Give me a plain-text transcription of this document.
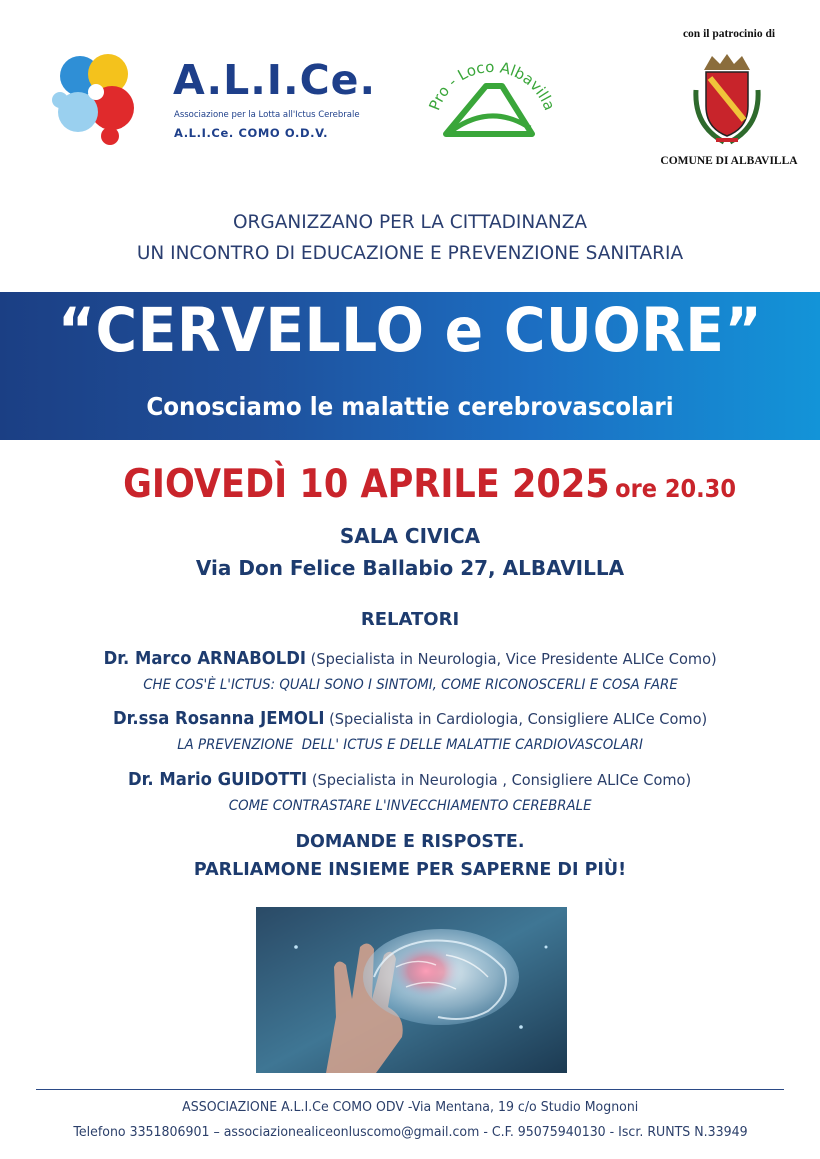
A.L.I.Ce.
Associazione per la Lotta all'Ictus Cerebrale
A.L.I.Ce. COMO O.D.V.
Pro - Loco Albavilla
con il patrocinio di
COMUNE DI ALBAVILLA
ORGANIZZANO PER LA CITTADINANZA
UN INCONTRO DI EDUCAZIONE E PREVENZIONE SANITARIA
“CERVELLO e CUORE”
Conosciamo le malattie cerebrovascolari
GIOVEDÌ 10 APRILE 2025- ore 20.30
SALA CIVICA
Via Don Felice Ballabio 27, ALBAVILLA
RELATORI
Dr. Marco ARNABOLDI (Specialista in Neurologia, Vice Presidente ALICe Como)
CHE COS'È L'ICTUS: QUALI SONO I SINTOMI, COME RICONOSCERLI E COSA FARE
Dr.ssa Rosanna JEMOLI (Specialista in Cardiologia, Consigliere ALICe Como)
LA PREVENZIONE  DELL' ICTUS E DELLE MALATTIE CARDIOVASCOLARI
Dr. Mario GUIDOTTI (Specialista in Neurologia , Consigliere ALICe Como)
COME CONTRASTARE L'INVECCHIAMENTO CEREBRALE
DOMANDE E RISPOSTE.
PARLIAMONE INSIEME PER SAPERNE DI PIÙ!
ASSOCIAZIONE A.L.I.Ce COMO ODV -Via Mentana, 19 c/o Studio Mognoni
Telefono 3351806901 – associazionealiceonluscomo@gmail.com - C.F. 95075940130 - Iscr. RUNTS N.33949
